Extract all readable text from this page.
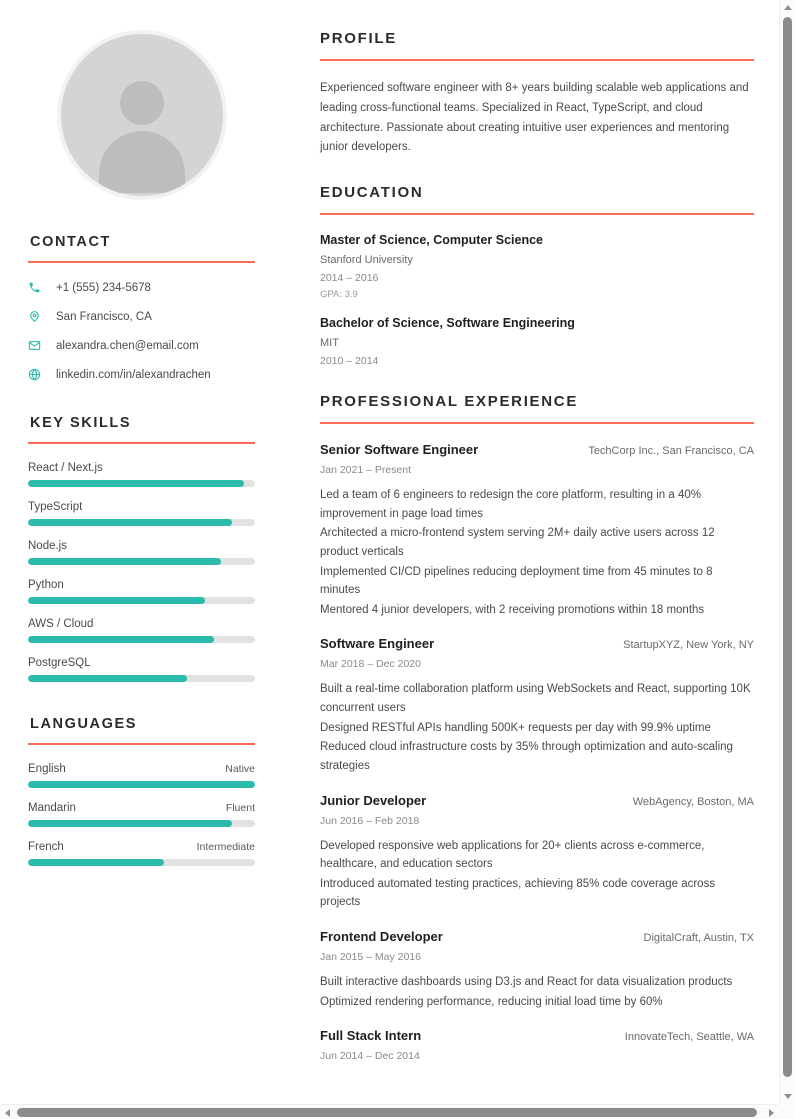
CONTACT
+1 (555) 234-5678
San Francisco, CA
alexandra.chen@email.com
linkedin.com/in/alexandrachen
KEY SKILLS
React / Next.js
TypeScript
Node.js
Python
AWS / Cloud
PostgreSQL
LANGUAGES
English	Native
Mandarin	Fluent
French	Intermediate
PROFILE

Experienced software engineer with 8+ years building scalable web applications and leading cross-functional teams. Specialized in React, TypeScript, and cloud architecture. Passionate about creating intuitive user experiences and mentoring junior developers.

EDUCATION
Master of Science, Computer Science
Stanford University
2014 – 2016
GPA: 3.9
Bachelor of Science, Software Engineering
MIT
2010 – 2014
PROFESSIONAL EXPERIENCE
Senior Software Engineer	TechCorp Inc., San Francisco, CA
Jan 2021 – Present
Led a team of 6 engineers to redesign the core platform, resulting in a 40% improvement in page load times
Architected a micro-frontend system serving 2M+ daily active users across 12 product verticals
Implemented CI/CD pipelines reducing deployment time from 45 minutes to 8 minutes
Mentored 4 junior developers, with 2 receiving promotions within 18 months
Software Engineer	StartupXYZ, New York, NY
Mar 2018 – Dec 2020
Built a real-time collaboration platform using WebSockets and React, supporting 10K concurrent users
Designed RESTful APIs handling 500K+ requests per day with 99.9% uptime
Reduced cloud infrastructure costs by 35% through optimization and auto-scaling strategies
Junior Developer	WebAgency, Boston, MA
Jun 2016 – Feb 2018
Developed responsive web applications for 20+ clients across e-commerce, healthcare, and education sectors
Introduced automated testing practices, achieving 85% code coverage across projects
Frontend Developer	DigitalCraft, Austin, TX
Jan 2015 – May 2016
Built interactive dashboards using D3.js and React for data visualization products
Optimized rendering performance, reducing initial load time by 60%
Full Stack Intern	InnovateTech, Seattle, WA
Jun 2014 – Dec 2014
